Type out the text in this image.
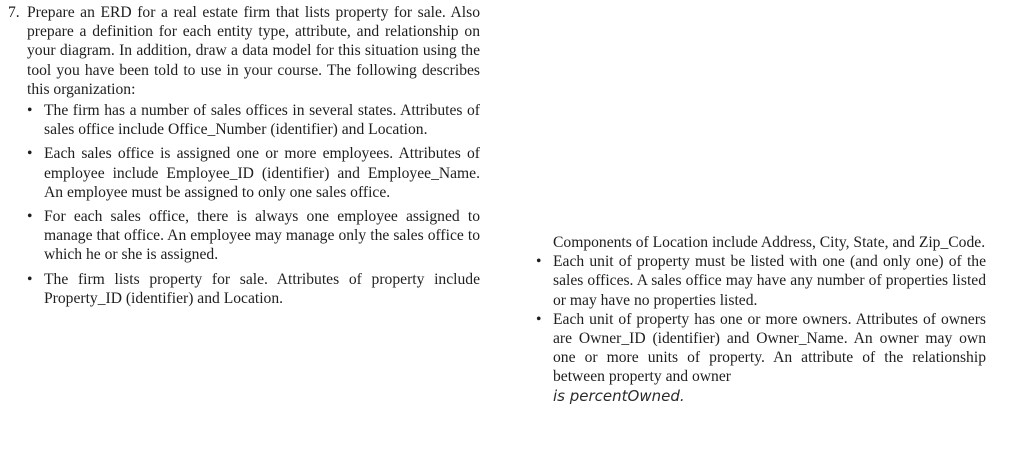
7. Prepare an ERD for a real estate firm that lists property for sale. Also prepare a definition for each entity type, attribute, and relationship on your diagram. In addition, draw a data model for this situation using the tool you have been told to use in your course. The following describes this organization:
• The firm has a number of sales offices in several states. Attributes of sales office include Office_Number (identifier) and Location.
• Each sales office is assigned one or more employees. Attributes of employee include Employee_ID (identifier) and Employee_Name. An employee must be assigned to only one sales office.
• For each sales office, there is always one employee assigned to manage that office. An employee may manage only the sales office to which he or she is assigned.
• The firm lists property for sale. Attributes of property include Property_ID (identifier) and Location.
Components of Location include Address, City, State, and Zip_Code.
• Each unit of property must be listed with one (and only one) of the sales offices. A sales office may have any number of properties listed or may have no properties listed.
• Each unit of property has one or more owners. Attributes of owners are Owner_ID (identifier) and Owner_Name. An owner may own one or more units of property. An attribute of the relationship between property and owner
is percentOwned.
